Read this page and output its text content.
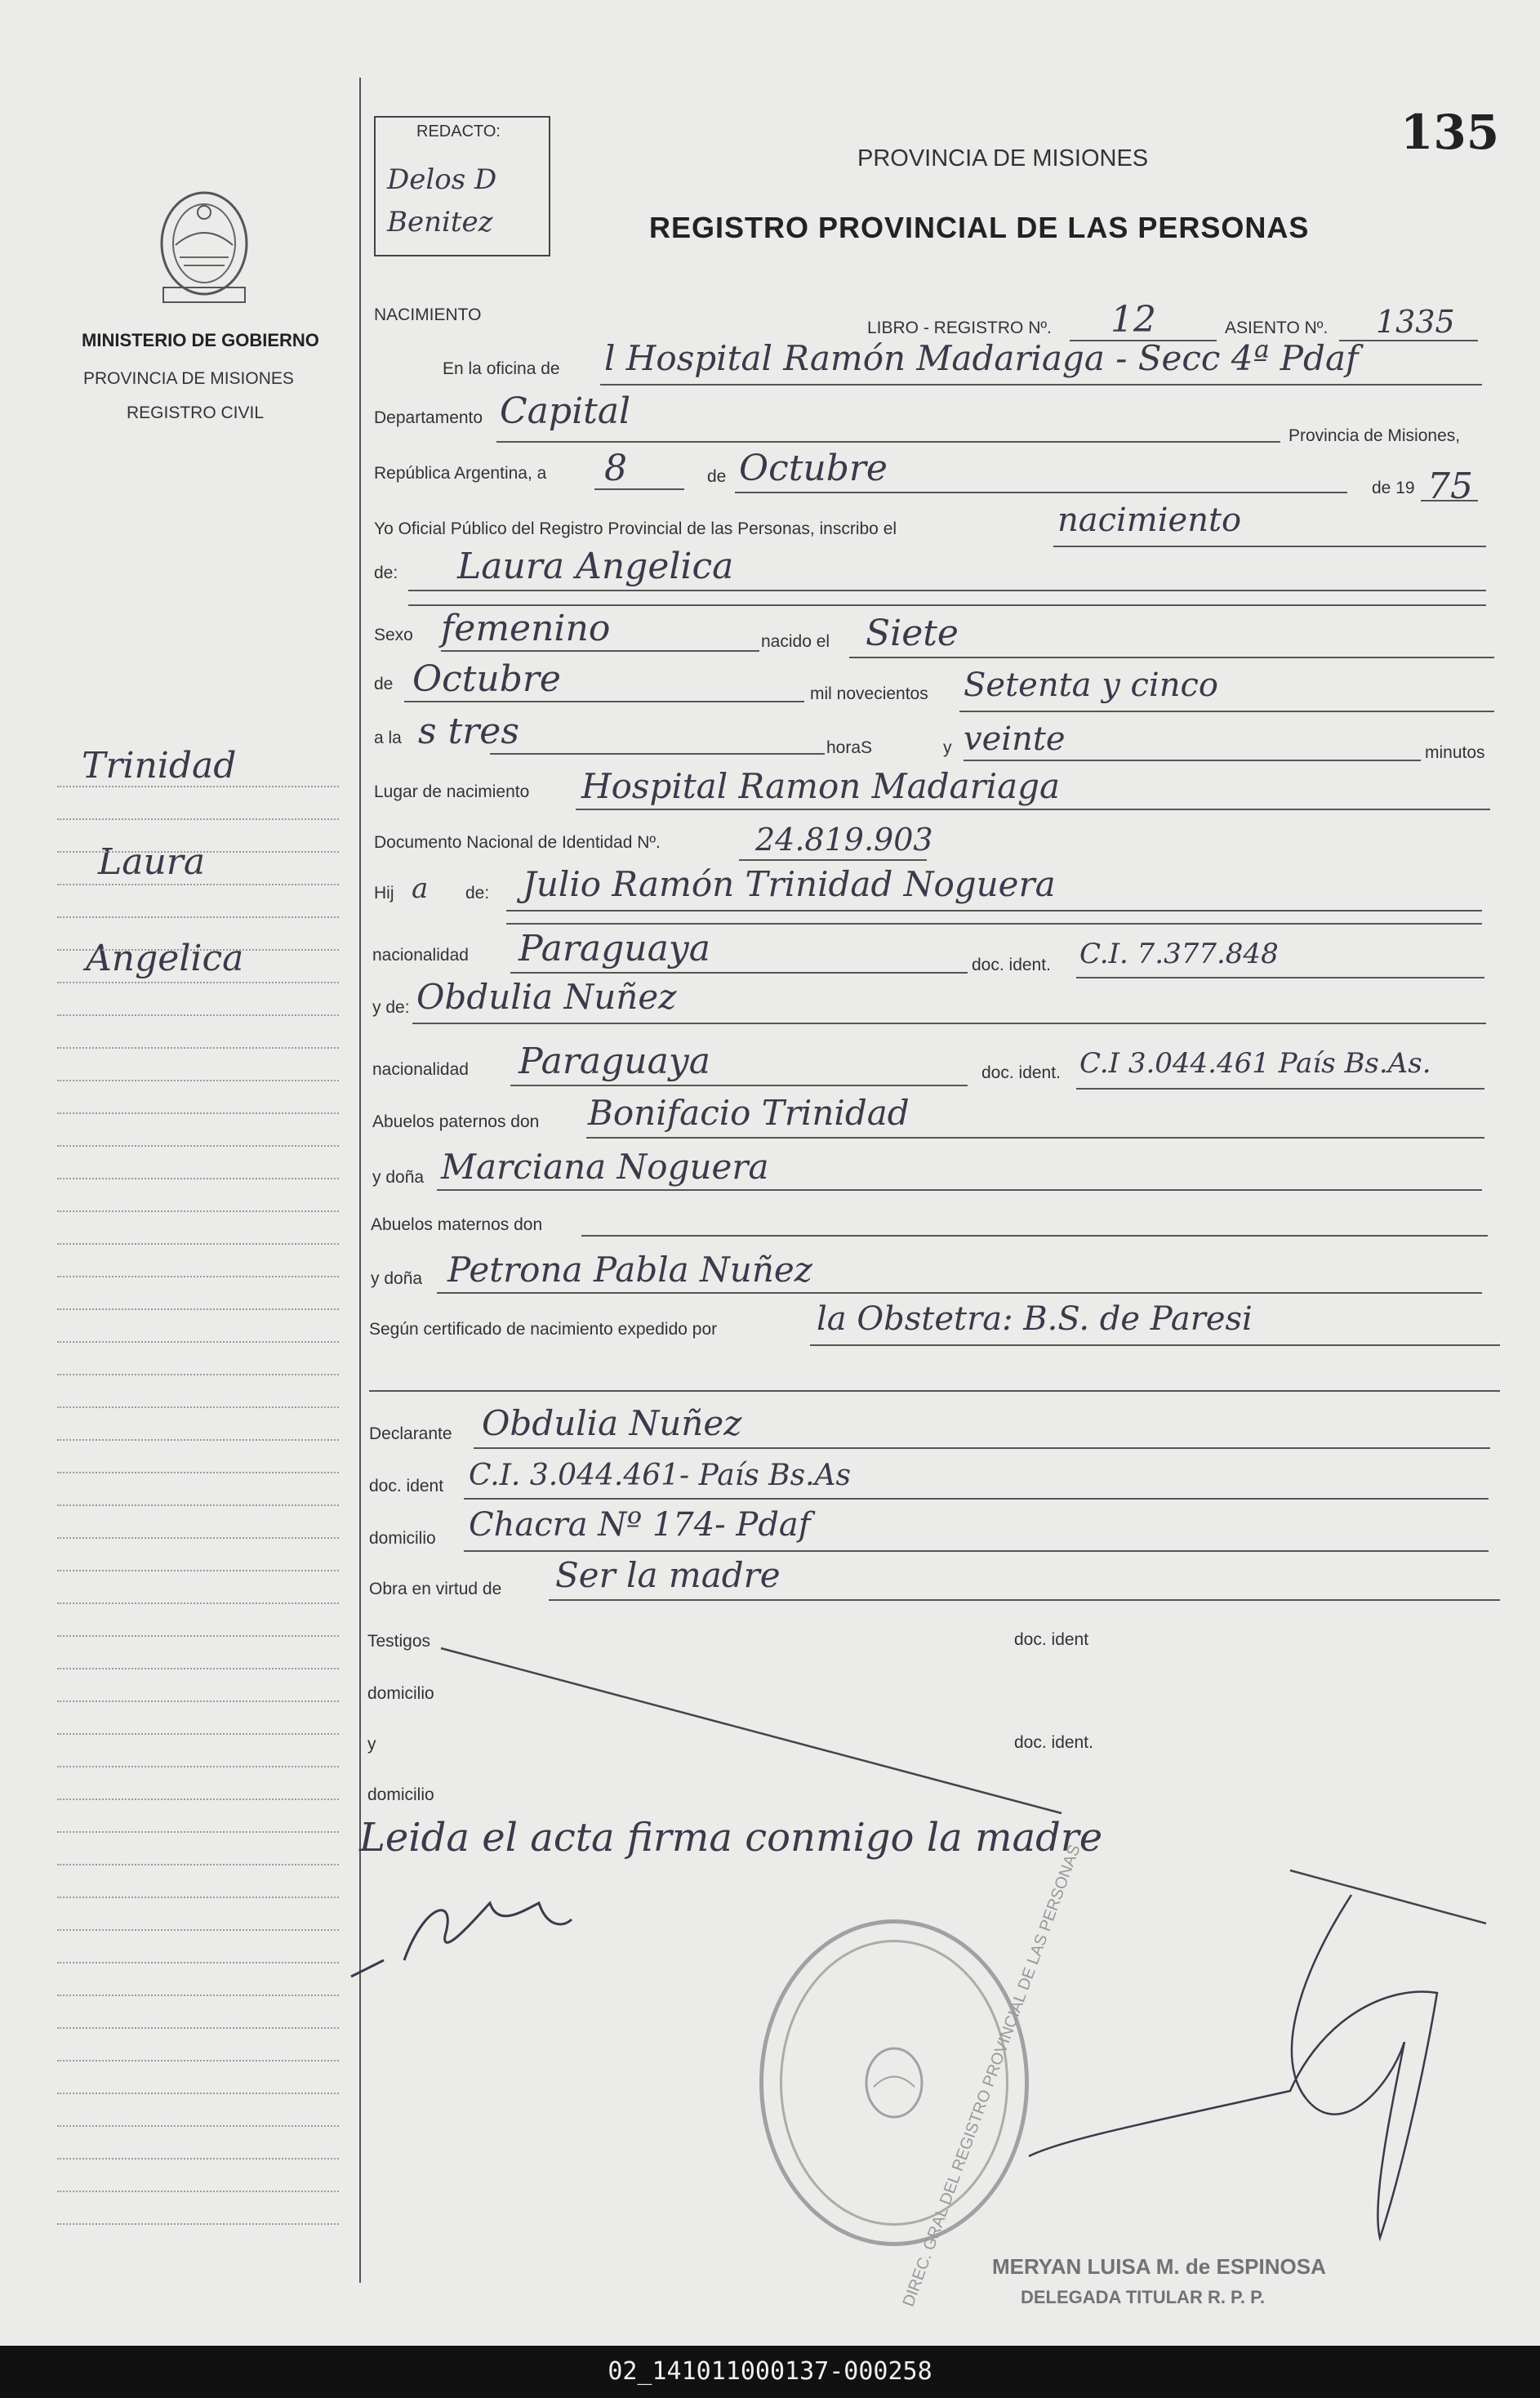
REDACTO:
Delos D Benitez
135
MINISTERIO DE GOBIERNO
PROVINCIA DE MISIONES
REGISTRO CIVIL
Trinidad
Laura
Angelica
PROVINCIA DE MISIONES
REGISTRO PROVINCIAL DE LAS PERSONAS
NACIMIENTO
LIBRO - REGISTRO Nº. 12	ASIENTO Nº. 1335
En la oficina de l Hospital Ramón Madariaga - Secc 4ª Pdaf
Departamento Capital
Provincia de Misiones,
República Argentina, a 8	de Octubre	de 19 75
Yo Oficial Público del Registro Provincial de las Personas, inscribo el	nacimiento
de: Laura Angelica
Sexo femenino	nacido el Siete
de Octubre	mil novecientos Setenta y cinco
a la s tres	horaS	y veinte	minutos
Lugar de nacimiento Hospital Ramon Madariaga
Documento Nacional de Identidad Nº.	24.819.903
Hij a de: Julio Ramón Trinidad Noguera
nacionalidad Paraguaya	doc. ident. C.I. 7.377.848
y de: Obdulia Nuñez
nacionalidad Paraguaya	doc. ident. C.I 3.044.461 País Bs.As.
Abuelos paternos don Bonifacio Trinidad
y doña Marciana Noguera
Abuelos maternos don
y doña Petrona Pabla Nuñez
Según certificado de nacimiento expedido por	la Obstetra: B.S. de Paresi
Declarante Obdulia Nuñez
doc. ident C.I. 3.044.461- País Bs.As
domicilio Chacra Nº 174- Pdaf
Obra en virtud de Ser la madre
Testigos	doc. ident
domicilio
y	doc. ident.
domicilio
Leida el acta firma conmigo la madre
DIREC. GRAL DEL REGISTRO PROVINCIAL DE LAS PERSONAS
MERYAN LUISA M. de ESPINOSA
DELEGADA TITULAR R. P. P.
02_141011000137-000258
